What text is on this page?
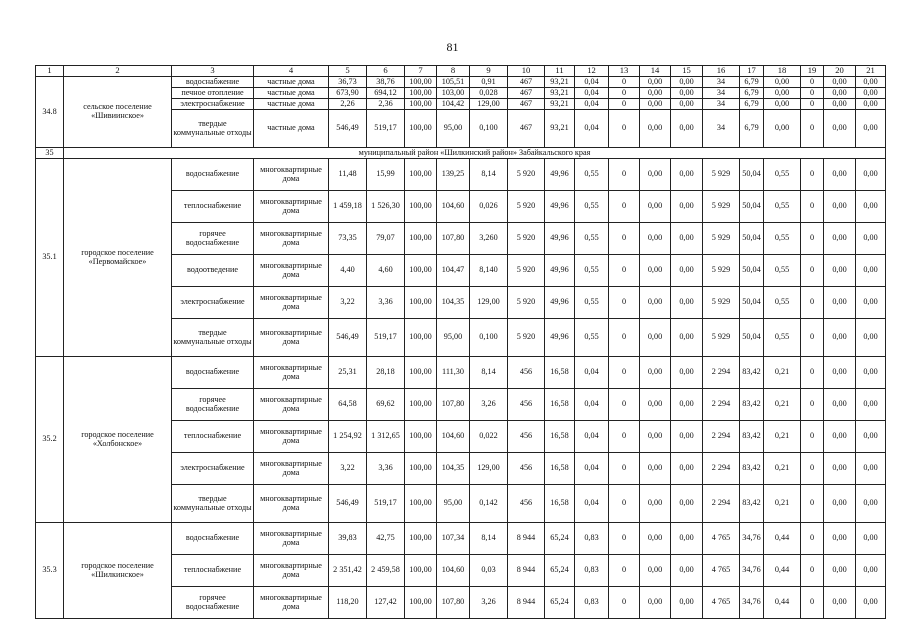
81
1	2	3	4	5	6	7	8	9	10	11	12	13	14	15	16	17	18	19	20	21
34.8	сельское поселение «Шивиинское»	водоснабжение	частные дома	36,73	38,76	100,00	105,51	0,91	467	93,21	0,04	0	0,00	0,00	34	6,79	0,00	0	0,00	0,00
		печное отопление	частные дома	673,90	694,12	100,00	103,00	0,028	467	93,21	0,04	0	0,00	0,00	34	6,79	0,00	0	0,00	0,00
		электроснабжение	частные дома	2,26	2,36	100,00	104,42	129,00	467	93,21	0,04	0	0,00	0,00	34	6,79	0,00	0	0,00	0,00
		твердые коммунальные отходы	частные дома	546,49	519,17	100,00	95,00	0,100	467	93,21	0,04	0	0,00	0,00	34	6,79	0,00	0	0,00	0,00
35	муниципальный район «Шилкинский район» Забайкальского края																			
35.1	городское поселение «Первомайское»	водоснабжение	многоквартирные дома	11,48	15,99	100,00	139,25	8,14	5 920	49,96	0,55	0	0,00	0,00	5 929	50,04	0,55	0	0,00	0,00
		теплоснабжение	многоквартирные дома	1 459,18	1 526,30	100,00	104,60	0,026	5 920	49,96	0,55	0	0,00	0,00	5 929	50,04	0,55	0	0,00	0,00
		горячее водоснабжение	многоквартирные дома	73,35	79,07	100,00	107,80	3,260	5 920	49,96	0,55	0	0,00	0,00	5 929	50,04	0,55	0	0,00	0,00
		водоотведение	многоквартирные дома	4,40	4,60	100,00	104,47	8,140	5 920	49,96	0,55	0	0,00	0,00	5 929	50,04	0,55	0	0,00	0,00
		электроснабжение	многоквартирные дома	3,22	3,36	100,00	104,35	129,00	5 920	49,96	0,55	0	0,00	0,00	5 929	50,04	0,55	0	0,00	0,00
		твердые коммунальные отходы	многоквартирные дома	546,49	519,17	100,00	95,00	0,100	5 920	49,96	0,55	0	0,00	0,00	5 929	50,04	0,55	0	0,00	0,00
35.2	городское поселение «Холбонское»	водоснабжение	многоквартирные дома	25,31	28,18	100,00	111,30	8,14	456	16,58	0,04	0	0,00	0,00	2 294	83,42	0,21	0	0,00	0,00
		горячее водоснабжение	многоквартирные дома	64,58	69,62	100,00	107,80	3,26	456	16,58	0,04	0	0,00	0,00	2 294	83,42	0,21	0	0,00	0,00
		теплоснабжение	многоквартирные дома	1 254,92	1 312,65	100,00	104,60	0,022	456	16,58	0,04	0	0,00	0,00	2 294	83,42	0,21	0	0,00	0,00
		электроснабжение	многоквартирные дома	3,22	3,36	100,00	104,35	129,00	456	16,58	0,04	0	0,00	0,00	2 294	83,42	0,21	0	0,00	0,00
		твердые коммунальные отходы	многоквартирные дома	546,49	519,17	100,00	95,00	0,142	456	16,58	0,04	0	0,00	0,00	2 294	83,42	0,21	0	0,00	0,00
35.3	городское поселение «Шилкинское»	водоснабжение	многоквартирные дома	39,83	42,75	100,00	107,34	8,14	8 944	65,24	0,83	0	0,00	0,00	4 765	34,76	0,44	0	0,00	0,00
		теплоснабжение	многоквартирные дома	2 351,42	2 459,58	100,00	104,60	0,03	8 944	65,24	0,83	0	0,00	0,00	4 765	34,76	0,44	0	0,00	0,00
		горячее водоснабжение	многоквартирные дома	118,20	127,42	100,00	107,80	3,26	8 944	65,24	0,83	0	0,00	0,00	4 765	34,76	0,44	0	0,00	0,00
